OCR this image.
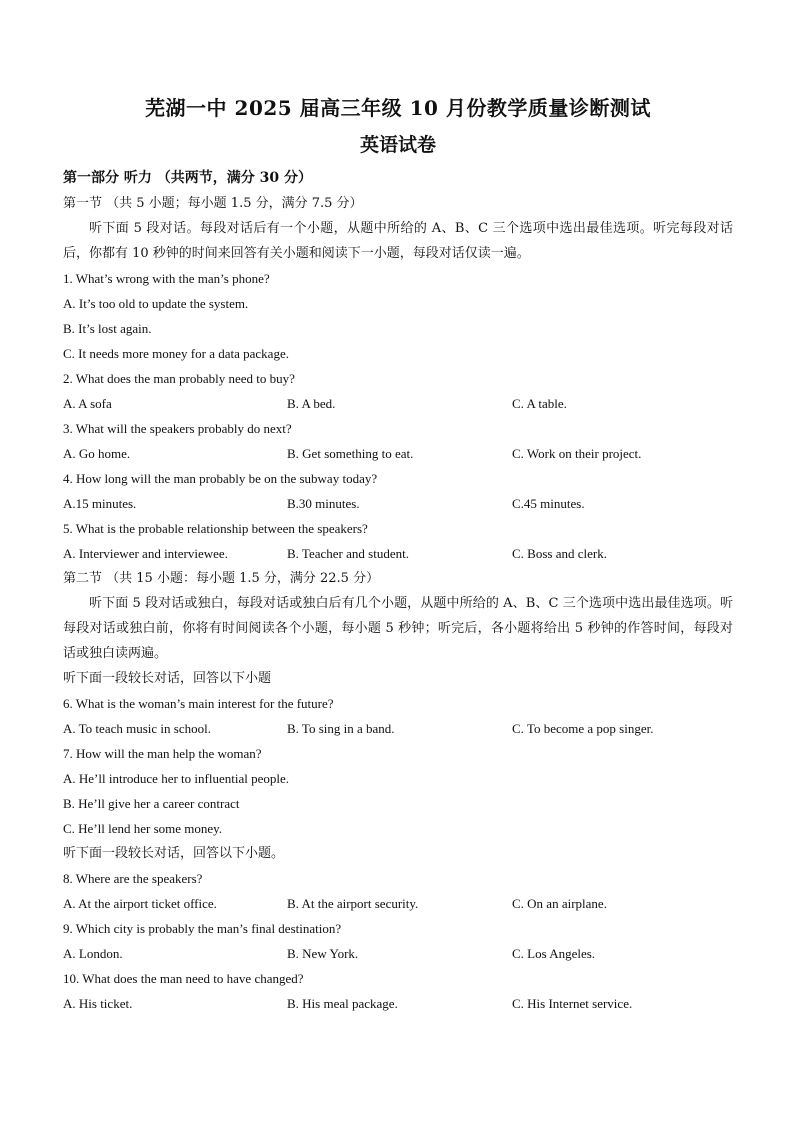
芜湖一中 2025 届高三年级 10 月份教学质量诊断测试
英语试卷
第一部分 听力 （共两节，满分 30 分）
第一节 （共 5 小题；每小题 1.5 分，满分 7.5 分）
听下面 5 段对话。每段对话后有一个小题，从题中所给的 A、B、C 三个选项中选出最佳选项。听完每段对话后，你都有 10 秒钟的时间来回答有关小题和阅读下一小题，每段对话仅读一遍。
1. What’s wrong with the man’s phone?
A. It’s too old to update the system.
B. It’s lost again.
C. It needs more money for a data package.
2. What does the man probably need to buy?
A. A sofa	B. A bed.	C. A table.
3. What will the speakers probably do next?
A. Go home.	B. Get something to eat.	C. Work on their project.
4. How long will the man probably be on the subway today?
A.15 minutes.	B.30 minutes.	C.45 minutes.
5. What is the probable relationship between the speakers?
A. Interviewer and interviewee.	B. Teacher and student.	C. Boss and clerk.
第二节 （共 15 小题：每小题 1.5 分，满分 22.5 分）
听下面 5 段对话或独白，每段对话或独白后有几个小题，从题中所给的 A、B、C 三个选项中选出最佳选项。听每段对话或独白前，你将有时间阅读各个小题，每小题 5 秒钟；听完后，各小题将给出 5 秒钟的作答时间，每段对话或独白读两遍。
听下面一段较长对话，回答以下小题
6. What is the woman’s main interest for the future?
A. To teach music in school.	B. To sing in a band.	C. To become a pop singer.
7. How will the man help the woman?
A. He’ll introduce her to influential people.
B. He’ll give her a career contract
C. He’ll lend her some money.
听下面一段较长对话，回答以下小题。
8. Where are the speakers?
A. At the airport ticket office.	B. At the airport security.	C. On an airplane.
9. Which city is probably the man’s final destination?
A. London.	B. New York.	C. Los Angeles.
10. What does the man need to have changed?
A. His ticket.	B. His meal package.	C. His Internet service.
